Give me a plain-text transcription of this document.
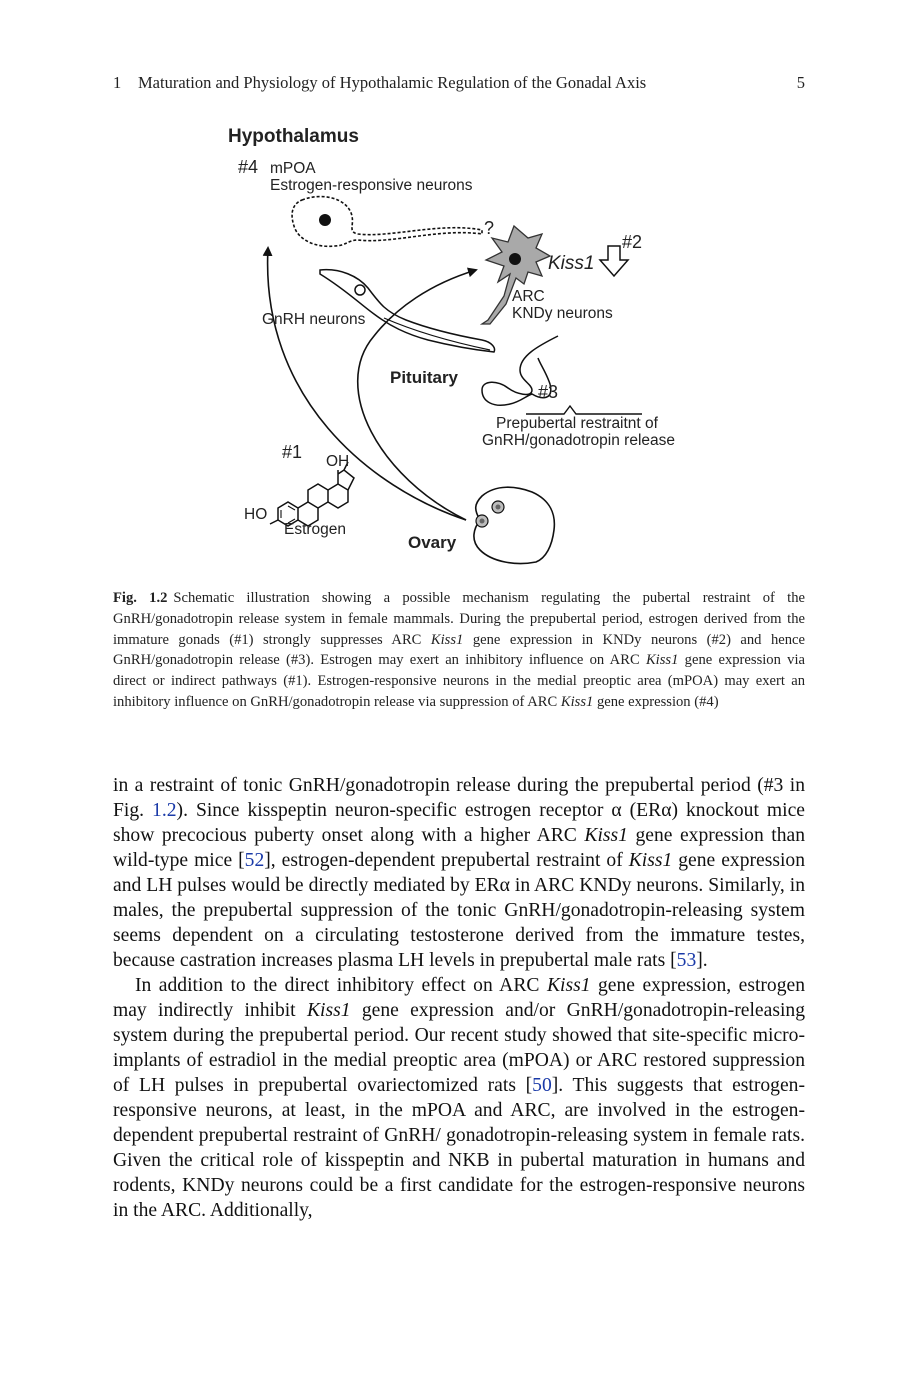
1 Maturation and Physiology of Hypothalamic Regulation of the Gonadal Axis	5
Hypothalamus
#4 mPOA
Estrogen-responsive neurons
?
Kiss1
#2
ARC
KNDy neurons
GnRH neurons
Pituitary
#3
Prepubertal restraitnt of
GnRH/gonadotropin release
#1 OH
HO
Estrogen
Ovary
Fig. 1.2 Schematic illustration showing a possible mechanism regulating the pubertal restraint of the GnRH/gonadotropin release system in female mammals. During the prepubertal period, estrogen derived from the immature gonads (#1) strongly suppresses ARC Kiss1 gene expression in KNDy neurons (#2) and hence GnRH/gonadotropin release (#3). Estrogen may exert an inhibitory influence on ARC Kiss1 gene expression via direct or indirect pathways (#1). Estrogen-responsive neurons in the medial preoptic area (mPOA) may exert an inhibitory influence on GnRH/gonadotropin release via suppression of ARC Kiss1 gene expression (#4)

in a restraint of tonic GnRH/gonadotropin release during the prepubertal period (#3 in Fig. 1.2). Since kisspeptin neuron-specific estrogen receptor α (ERα) knockout mice show precocious puberty onset along with a higher ARC Kiss1 gene expression than wild-type mice [52], estrogen-dependent prepubertal restraint of Kiss1 gene expression and LH pulses would be directly mediated by ERα in ARC KNDy neurons. Similarly, in males, the prepubertal suppression of the tonic GnRH/gonadotropin-releasing system seems dependent on a circulating testosterone derived from the immature testes, because castration increases plasma LH levels in prepubertal male rats [53].

In addition to the direct inhibitory effect on ARC Kiss1 gene expression, estrogen may indirectly inhibit Kiss1 gene expression and/or GnRH/gonadotropin-releasing system during the prepubertal period. Our recent study showed that site-specific micro-implants of estradiol in the medial preoptic area (mPOA) or ARC restored suppression of LH pulses in prepubertal ovariectomized rats [50]. This suggests that estrogen-responsive neurons, at least, in the mPOA and ARC, are involved in the estrogen-dependent prepubertal restraint of GnRH/ gonadotropin-releasing system in female rats. Given the critical role of kisspeptin and NKB in pubertal maturation in humans and rodents, KNDy neurons could be a first candidate for the estrogen-responsive neurons in the ARC. Additionally,
